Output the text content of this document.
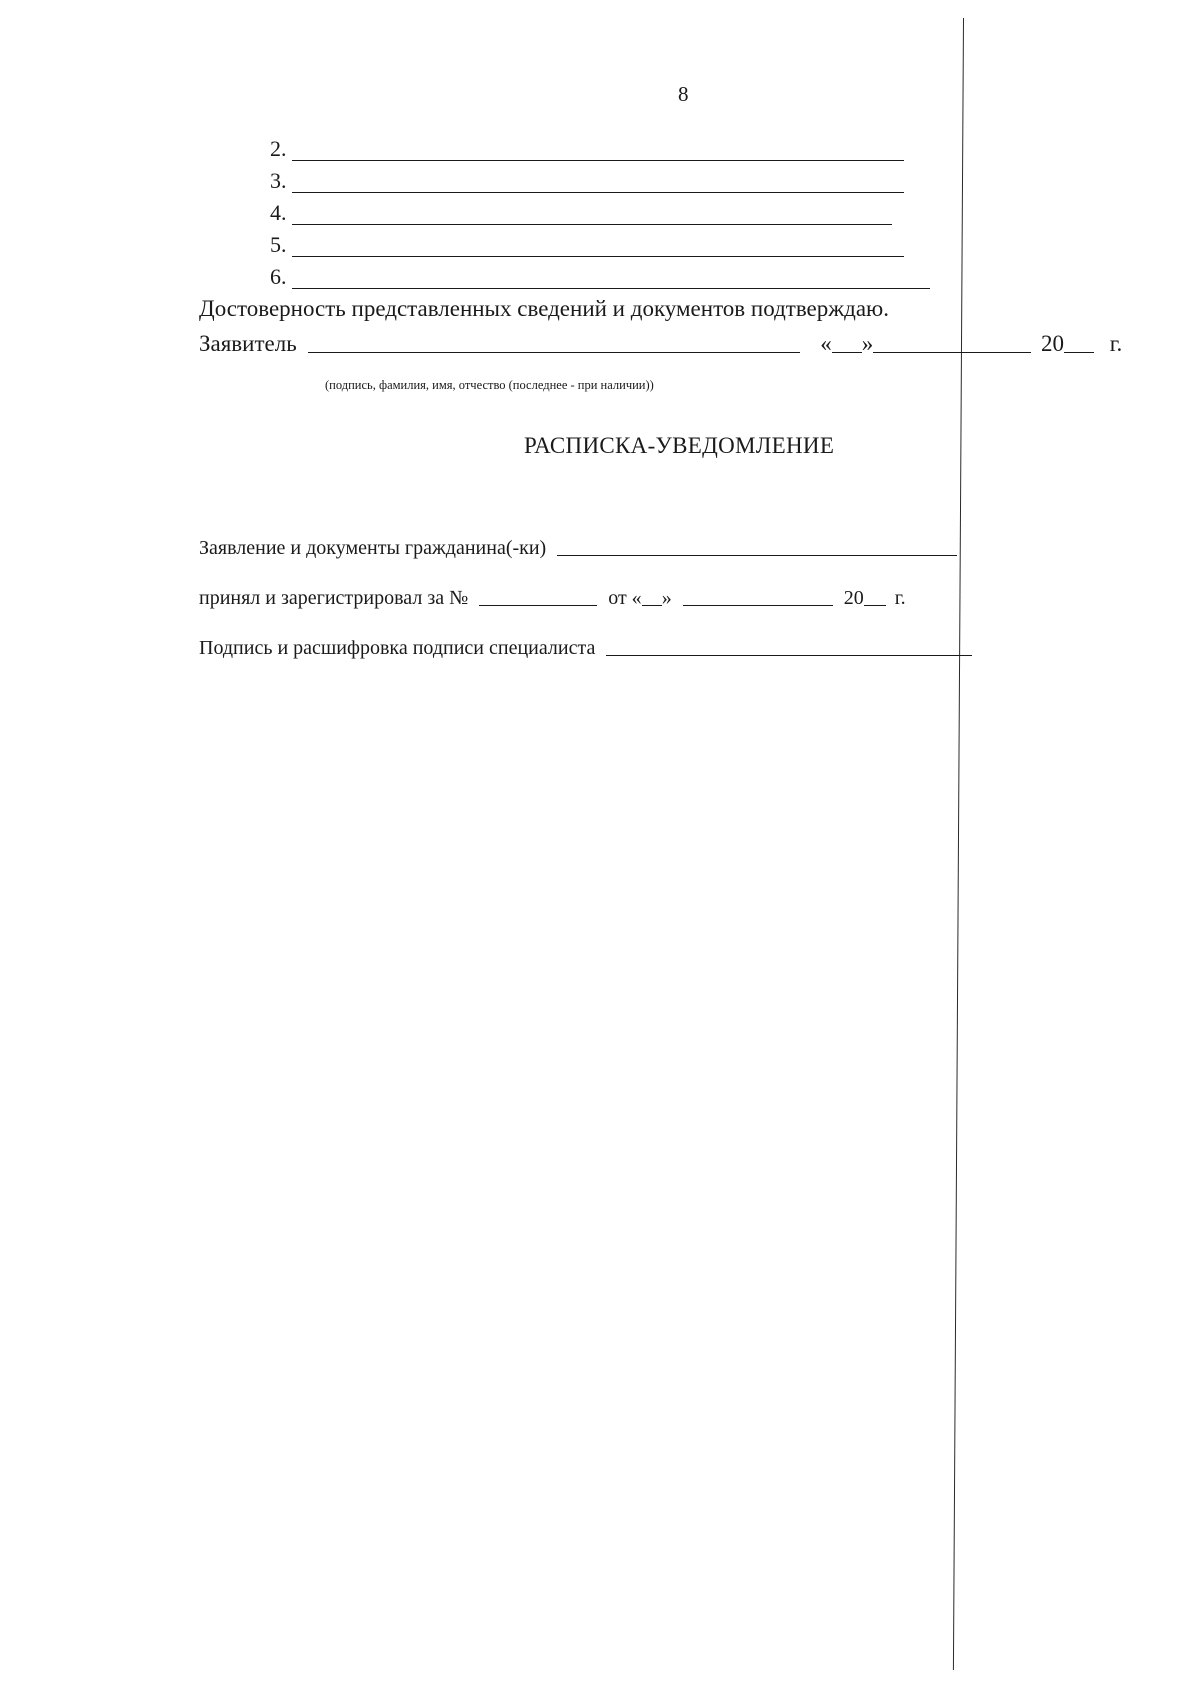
8
2.
3.
4.
5.
6.
Достоверность представленных сведений и документов подтверждаю.
Заявитель	« »	20 г.
(подпись, фамилия, имя, отчество (последнее - при наличии))
РАСПИСКА-УВЕДОМЛЕНИЕ
Заявление и документы гражданина(-ки)
принял и зарегистрировал за №	от « »	20 г.
Подпись и расшифровка подписи специалиста
